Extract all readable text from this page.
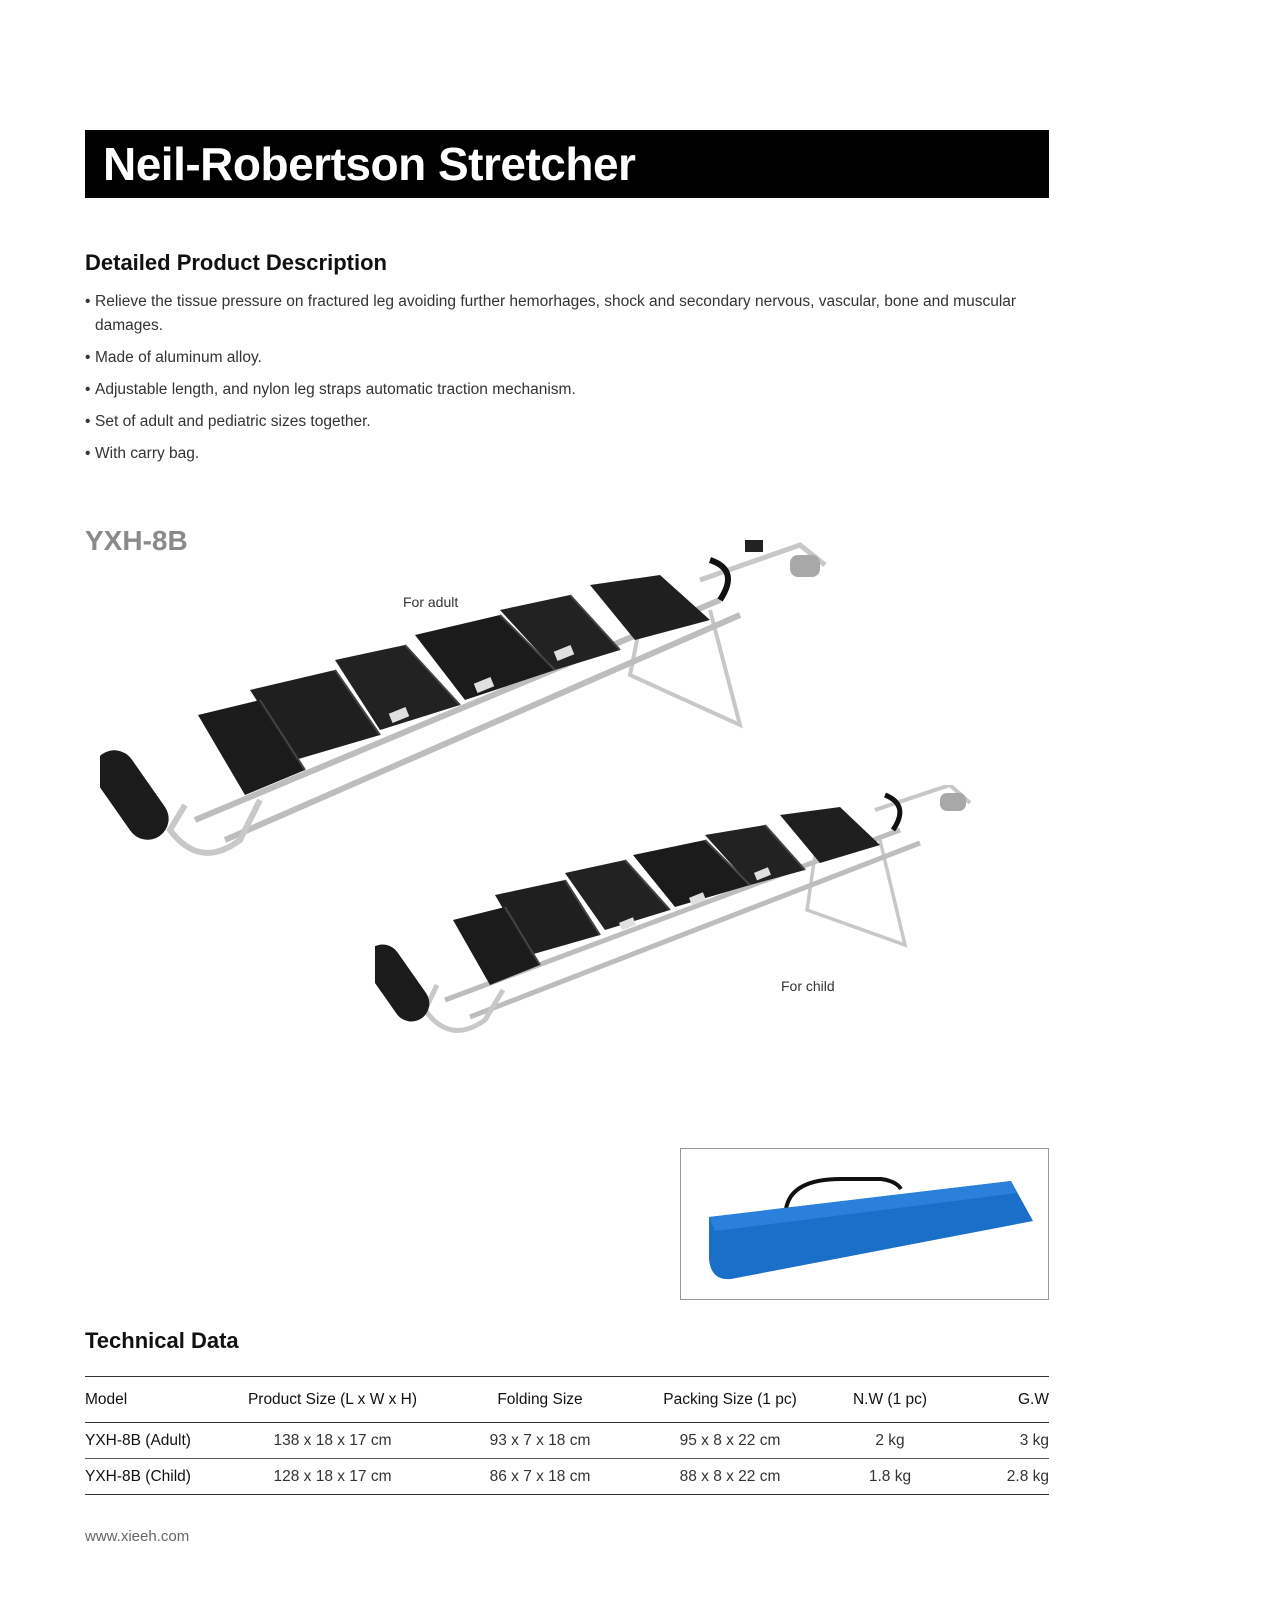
Neil-Robertson Stretcher
Detailed Product Description
• Relieve the tissue pressure on fractured leg avoiding further hemorhages, shock and secondary nervous, vascular, bone and muscular damages.
• Made of aluminum alloy.
• Adjustable length, and nylon leg straps automatic traction mechanism.
• Set of adult and pediatric sizes together.
• With carry bag.
YXH-8B
For adult
For child
Technical Data
Model	Product Size (L x W x H)	Folding Size	Packing Size (1 pc)	N.W (1 pc)	G.W
YXH-8B (Adult)	138 x 18 x 17 cm	93 x 7 x 18 cm	95 x 8 x 22 cm	2 kg	3 kg
YXH-8B (Child)	128 x 18 x 17 cm	86 x 7 x 18 cm	88 x 8 x 22 cm	1.8 kg	2.8 kg
www.xieeh.com
